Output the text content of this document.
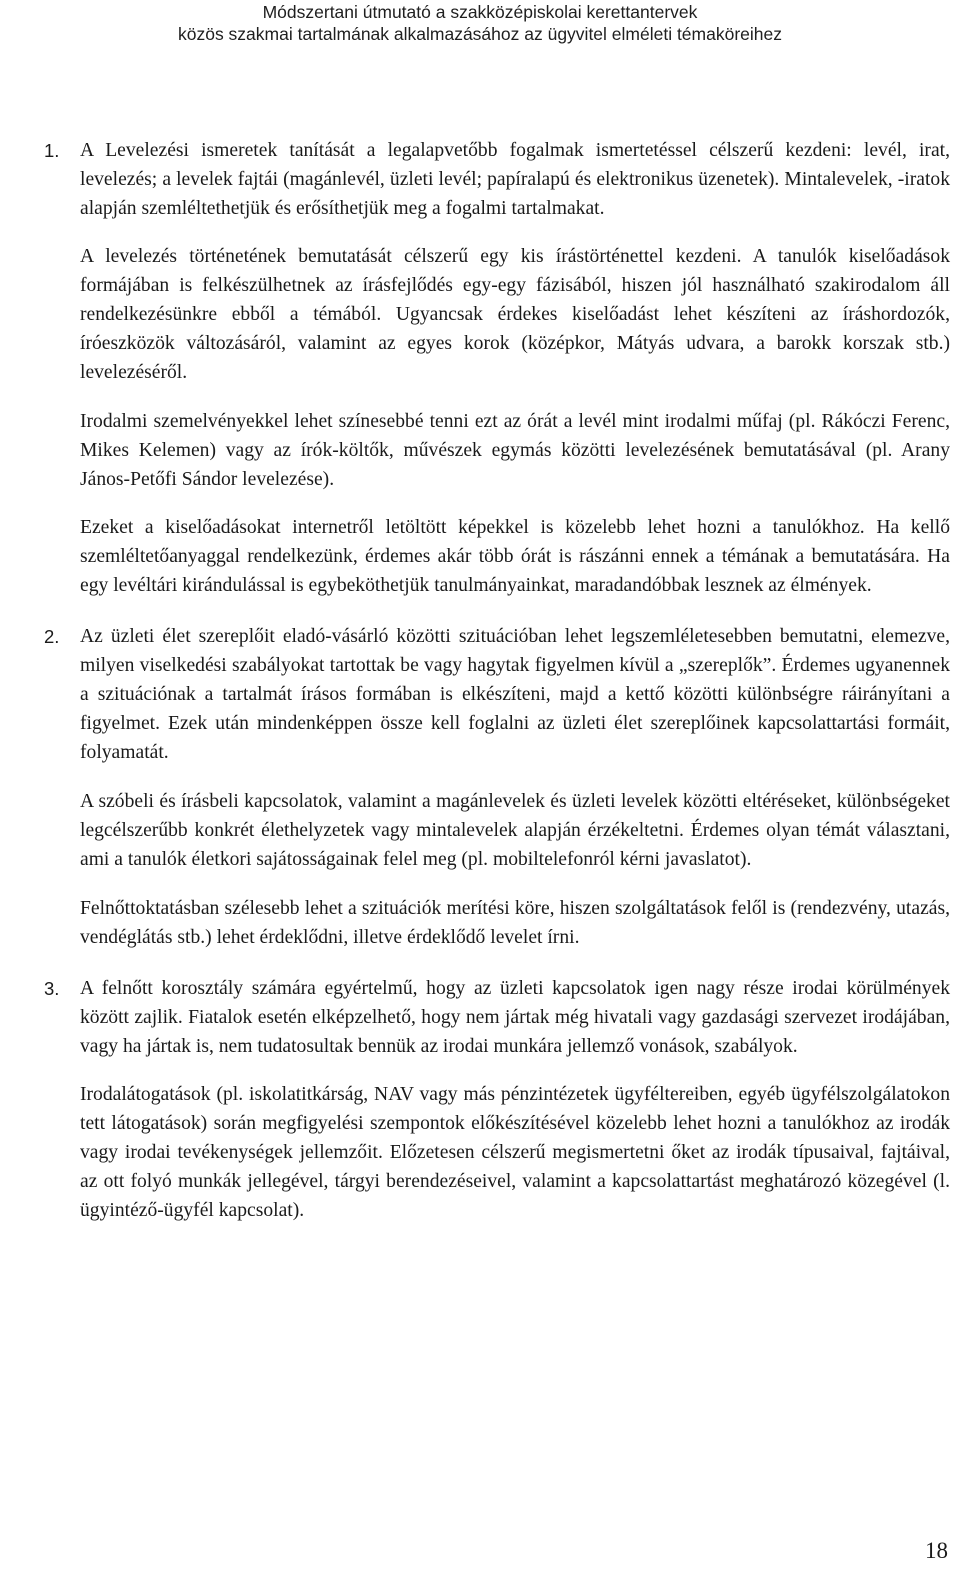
Módszertani útmutató a szakközépiskolai kerettantervek
közös szakmai tartalmának alkalmazásához az ügyvitel elméleti témaköreihez
1. A Levelezési ismeretek tanítását a legalapvetőbb fogalmak ismertetéssel célszerű kezdeni: levél, irat, levelezés; a levelek fajtái (magánlevél, üzleti levél; papíralapú és elektronikus üzenetek). Mintalevelek, -iratok alapján szemléltethetjük és erősíthetjük meg a fogalmi tartalmakat.

A levelezés történetének bemutatását célszerű egy kis írástörténettel kezdeni. A tanulók kiselőadások formájában is felkészülhetnek az írásfejlődés egy-egy fázisából, hiszen jól használható szakirodalom áll rendelkezésünkre ebből a témából. Ugyancsak érdekes kiselőadást lehet készíteni az íráshordozók, íróeszközök változásáról, valamint az egyes korok (középkor, Mátyás udvara, a barokk korszak stb.) levelezéséről.

Irodalmi szemelvényekkel lehet színesebbé tenni ezt az órát a levél mint irodalmi műfaj (pl. Rákóczi Ferenc, Mikes Kelemen) vagy az írók-költők, művészek egymás közötti levelezésének bemutatásával (pl. Arany János-Petőfi Sándor levelezése).

Ezeket a kiselőadásokat internetről letöltött képekkel is közelebb lehet hozni a tanulókhoz. Ha kellő szemléltetőanyaggal rendelkezünk, érdemes akár több órát is rászánni ennek a témának a bemutatására. Ha egy levéltári kirándulással is egybeköthetjük tanulmányainkat, maradandóbbak lesznek az élmények.

2. Az üzleti élet szereplőit eladó-vásárló közötti szituációban lehet legszemléletesebben bemutatni, elemezve, milyen viselkedési szabályokat tartottak be vagy hagytak figyelmen kívül a „szereplők”. Érdemes ugyanennek a szituációnak a tartalmát írásos formában is elkészíteni, majd a kettő közötti különbségre ráirányítani a figyelmet. Ezek után mindenképpen össze kell foglalni az üzleti élet szereplőinek kapcsolattartási formáit, folyamatát.

A szóbeli és írásbeli kapcsolatok, valamint a magánlevelek és üzleti levelek közötti eltéréseket, különbségeket legcélszerűbb konkrét élethelyzetek vagy mintalevelek alapján érzékeltetni. Érdemes olyan témát választani, ami a tanulók életkori sajátosságainak felel meg (pl. mobiltelefonról kérni javaslatot).

Felnőttoktatásban szélesebb lehet a szituációk merítési köre, hiszen szolgáltatások felől is (rendezvény, utazás, vendéglátás stb.) lehet érdeklődni, illetve érdeklődő levelet írni.

3. A felnőtt korosztály számára egyértelmű, hogy az üzleti kapcsolatok igen nagy része irodai körülmények között zajlik. Fiatalok esetén elképzelhető, hogy nem jártak még hivatali vagy gazdasági szervezet irodájában, vagy ha jártak is, nem tudatosultak bennük az irodai munkára jellemző vonások, szabályok.

Irodalátogatások (pl. iskolatitkárság, NAV vagy más pénzintézetek ügyféltereiben, egyéb ügyfélszolgálatokon tett látogatások) során megfigyelési szempontok előkészítésével közelebb lehet hozni a tanulókhoz az irodák vagy irodai tevékenységek jellemzőit. Előzetesen célszerű megismertetni őket az irodák típusaival, fajtáival, az ott folyó munkák jellegével, tárgyi berendezéseivel, valamint a kapcsolattartást meghatározó közegével (l. ügyintéző-ügyfél kapcsolat).

18
